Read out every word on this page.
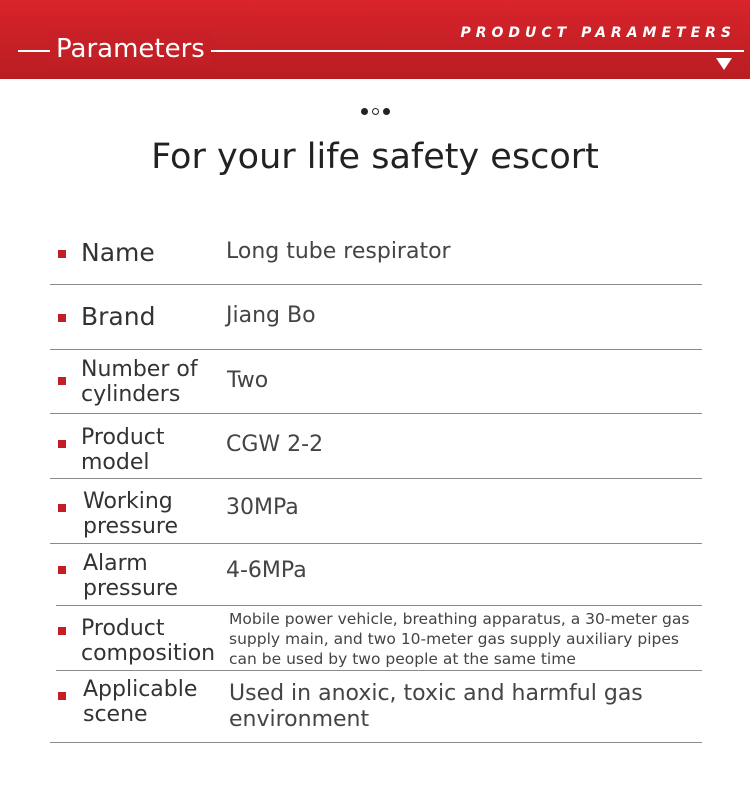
Parameters
PRODUCT PARAMETERS

For your life safety escort
Name	Long tube respirator
Brand	Jiang Bo
Number of
cylinders
Two
Product
model
CGW 2-2
Working
pressure
30MPa
Alarm
pressure
4-6MPa
Product
composition
Mobile power vehicle, breathing apparatus, a 30-meter gas
supply main, and two 10-meter gas supply auxiliary pipes
can be used by two people at the same time
Applicable
scene
Used in anoxic, toxic and harmful gas
environment
